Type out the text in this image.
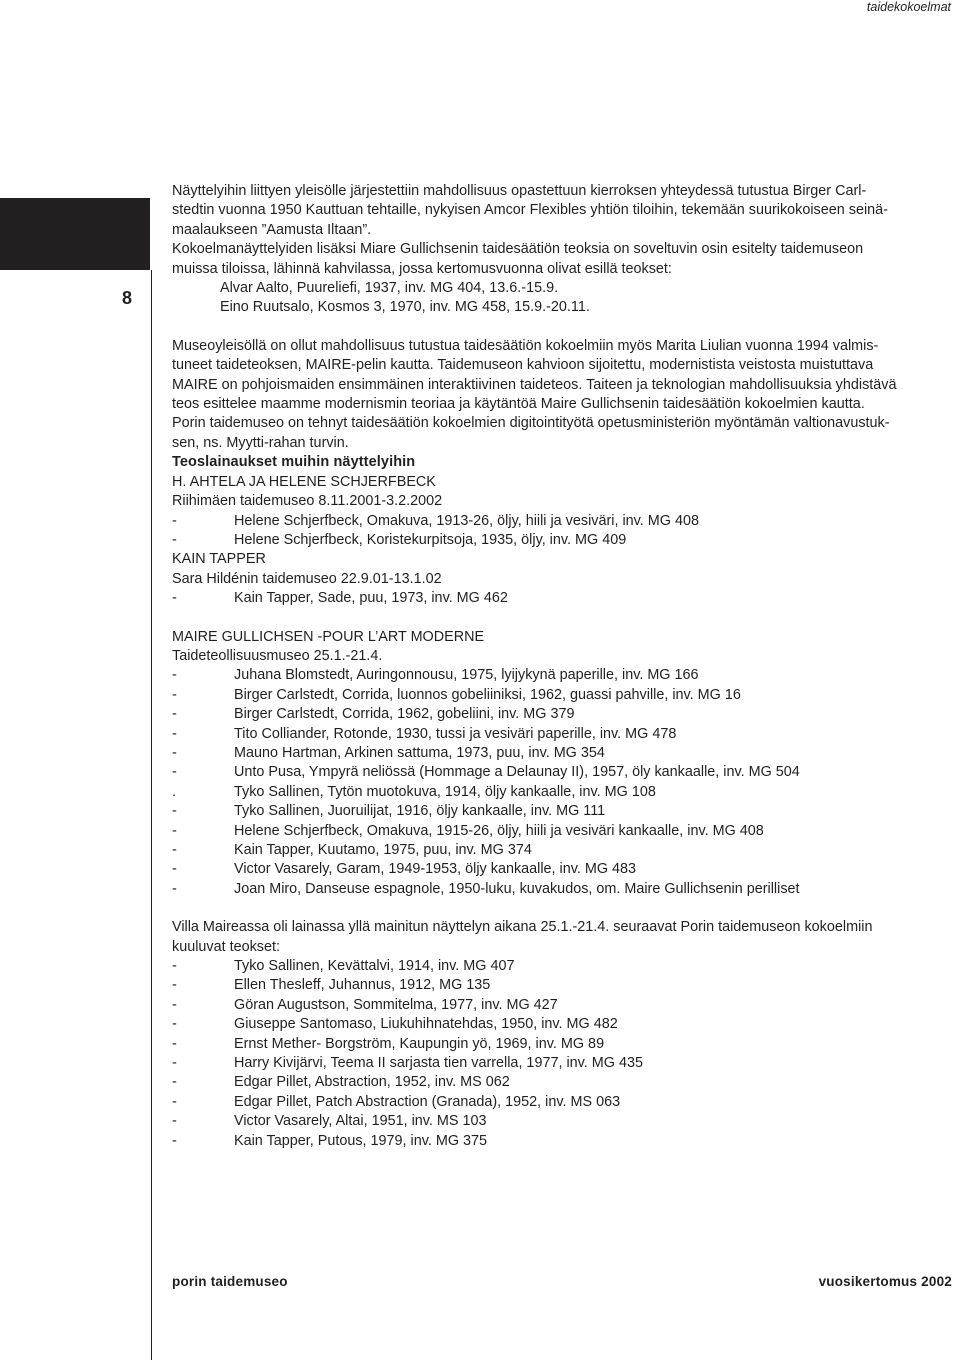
taidekokoelmat
8

Näyttelyihin liittyen yleisölle järjestettiin mahdollisuus opastettuun kierroksen yhteydessä tutustua Birger Carl-
stedtin vuonna 1950 Kauttuan tehtaille, nykyisen Amcor Flexibles yhtiön tiloihin, tekemään suurikokoiseen seinä-
maalaukseen ”Aamusta Iltaan”.

Kokoelmanäyttelyiden lisäksi Miare Gullichsenin taidesäätiön teoksia on soveltuvin osin esitelty taidemuseon
muissa tiloissa, lähinnä kahvilassa, jossa kertomusvuonna olivat esillä teokset:

Alvar Aalto, Puureliefi, 1937, inv. MG 404, 13.6.-15.9.

Eino Ruutsalo, Kosmos 3, 1970, inv. MG 458, 15.9.-20.11.

Museoyleisöllä on ollut mahdollisuus tutustua taidesäätiön kokoelmiin myös Marita Liulian vuonna 1994 valmis-
tuneet taideteoksen, MAIRE-pelin kautta. Taidemuseon kahvioon sijoitettu, modernistista veistosta muistuttava
MAIRE on pohjoismaiden ensimmäinen interaktiivinen taideteos. Taiteen ja teknologian mahdollisuuksia yhdistävä
teos esittelee maamme modernismin teoriaa ja käytäntöä Maire Gullichsenin taidesäätiön kokoelmien kautta.

Porin taidemuseo on tehnyt taidesäätiön kokoelmien digitointityötä opetusministeriön myöntämän valtionavustuk-
sen, ns. Myytti-rahan turvin.

Teoslainaukset muihin näyttelyihin

H. AHTELA JA HELENE SCHJERFBECK

Riihimäen taidemuseo 8.11.2001-3.2.2002

-	Helene Schjerfbeck, Omakuva, 1913-26, öljy, hiili ja vesiväri, inv. MG 408
-	Helene Schjerfbeck, Koristekurpitsoja, 1935, öljy, inv. MG 409

KAIN TAPPER

Sara Hildénin taidemuseo 22.9.01-13.1.02

-	Kain Tapper, Sade, puu, 1973, inv. MG 462

MAIRE GULLICHSEN -POUR L’ART MODERNE

Taideteollisuusmuseo 25.1.-21.4.

-	Juhana Blomstedt, Auringonnousu, 1975, lyijykynä paperille, inv. MG 166
-	Birger Carlstedt, Corrida, luonnos gobeliiniksi, 1962, guassi pahville, inv. MG 16
-	Birger Carlstedt, Corrida, 1962, gobeliini, inv. MG 379
-	Tito Colliander, Rotonde, 1930, tussi ja vesiväri paperille, inv. MG 478
-	Mauno Hartman, Arkinen sattuma, 1973, puu, inv. MG 354
-	Unto Pusa, Ympyrä neliössä (Hommage a Delaunay II), 1957, öly kankaalle, inv. MG 504
.	Tyko Sallinen, Tytön muotokuva, 1914, öljy kankaalle, inv. MG 108
-	Tyko Sallinen, Juoruilijat, 1916, öljy kankaalle, inv. MG 111
-	Helene Schjerfbeck, Omakuva, 1915-26, öljy, hiili ja vesiväri kankaalle, inv. MG 408
-	Kain Tapper, Kuutamo, 1975, puu, inv. MG 374
-	Victor Vasarely, Garam, 1949-1953, öljy kankaalle, inv. MG 483
-	Joan Miro, Danseuse espagnole, 1950-luku, kuvakudos, om. Maire Gullichsenin perilliset

Villa Maireassa oli lainassa yllä mainitun näyttelyn aikana 25.1.-21.4. seuraavat Porin taidemuseon kokoelmiin
kuuluvat teokset:

-	Tyko Sallinen, Kevättalvi, 1914, inv. MG 407
-	Ellen Thesleff, Juhannus, 1912, MG 135
-	Göran Augustson, Sommitelma, 1977, inv. MG 427
-	Giuseppe Santomaso, Liukuhihnatehdas, 1950, inv. MG 482
-	Ernst Mether- Borgström, Kaupungin yö, 1969, inv. MG 89
-	Harry Kivijärvi, Teema II sarjasta tien varrella, 1977, inv. MG 435
-	Edgar Pillet, Abstraction, 1952, inv. MS 062
-	Edgar Pillet, Patch Abstraction (Granada), 1952, inv. MS 063
-	Victor Vasarely, Altai, 1951, inv. MS 103
-	Kain Tapper, Putous, 1979, inv. MG 375
porin taidemuseo	vuosikertomus 2002
